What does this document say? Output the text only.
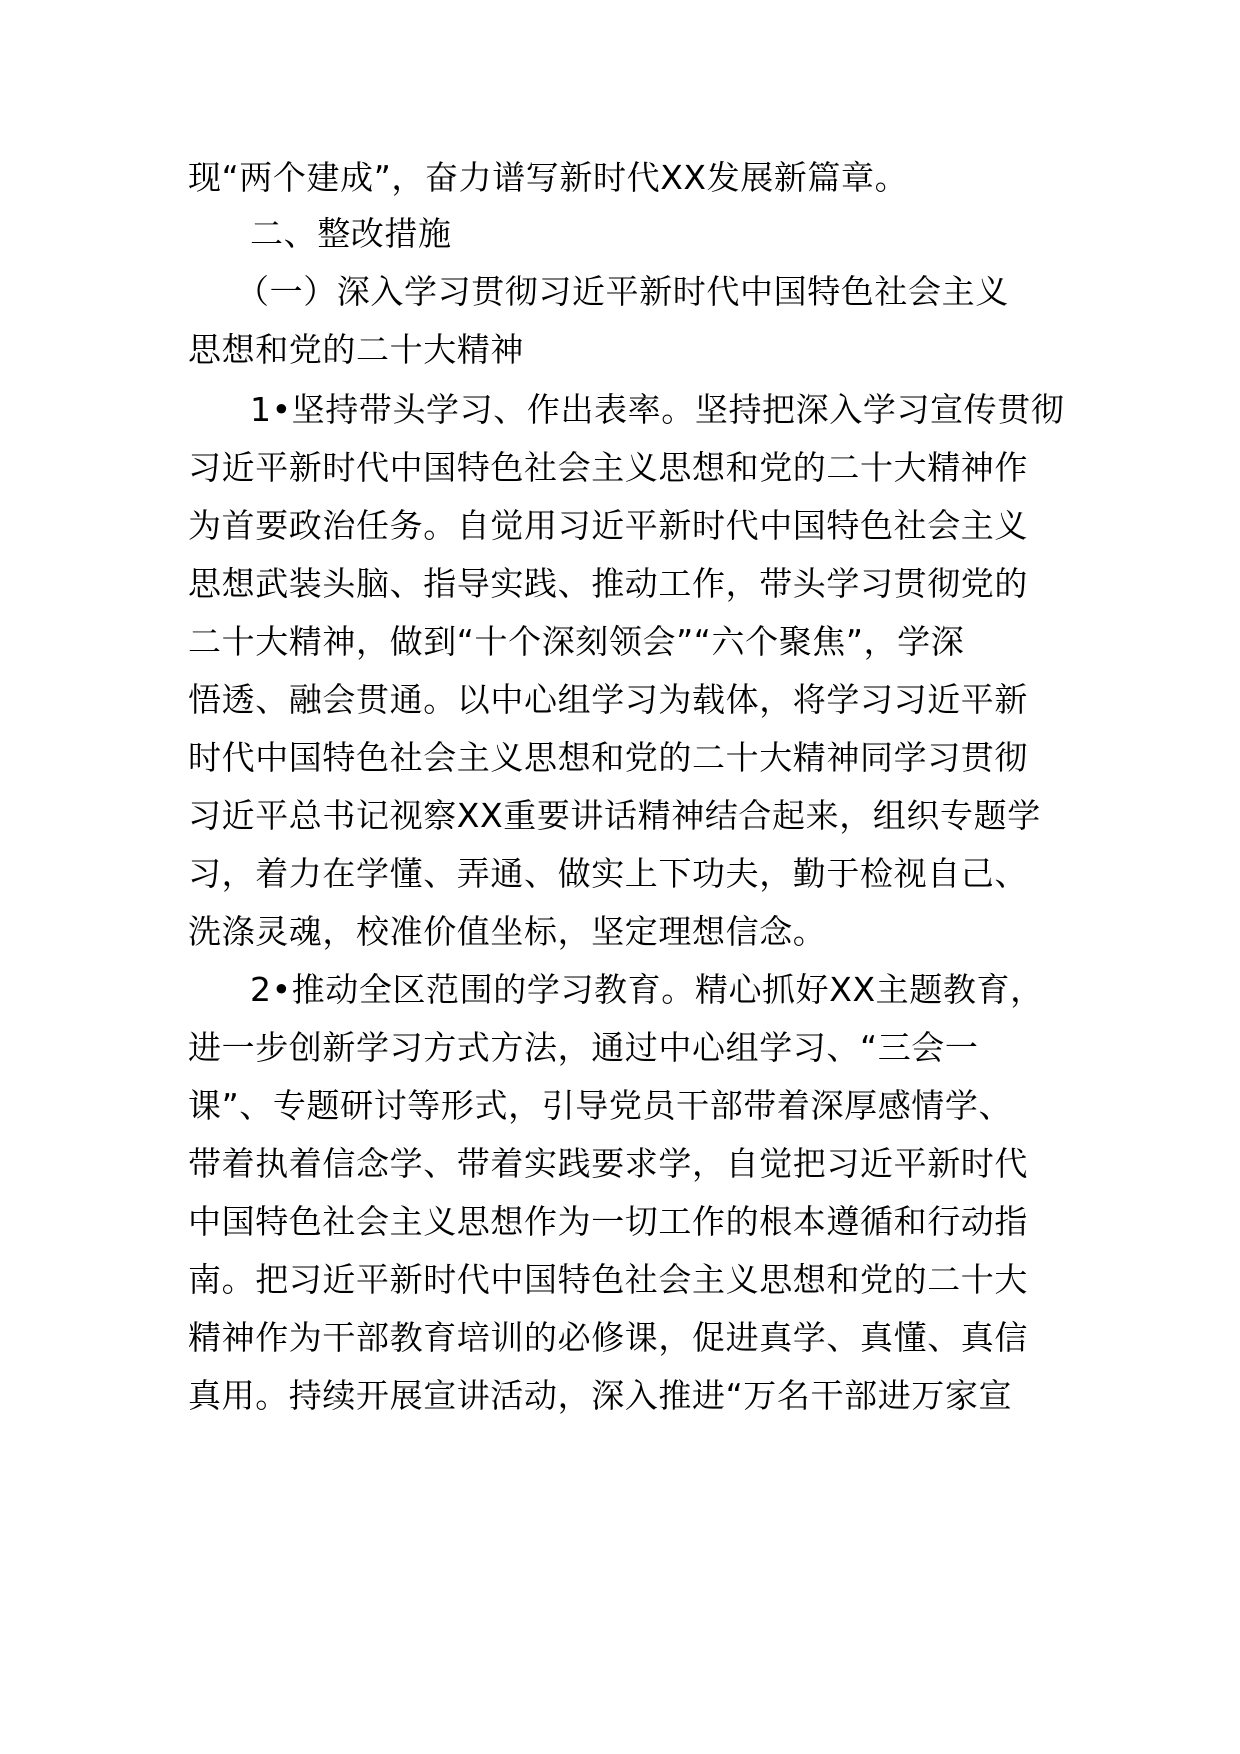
现“两个建成”，奋力谱写新时代XX发展新篇章。
二、整改措施
（一）深入学习贯彻习近平新时代中国特色社会主义
思想和党的二十大精神
1•坚持带头学习、作出表率。坚持把深入学习宣传贯彻
习近平新时代中国特色社会主义思想和党的二十大精神作
为首要政治任务。自觉用习近平新时代中国特色社会主义
思想武装头脑、指导实践、推动工作，带头学习贯彻党的
二十大精神，做到“十个深刻领会”“六个聚焦”，学深
悟透、融会贯通。以中心组学习为载体，将学习习近平新
时代中国特色社会主义思想和党的二十大精神同学习贯彻
习近平总书记视察XX重要讲话精神结合起来，组织专题学
习，着力在学懂、弄通、做实上下功夫，勤于检视自己、
洗涤灵魂，校准价值坐标，坚定理想信念。
2•推动全区范围的学习教育。精心抓好XX主题教育，
进一步创新学习方式方法，通过中心组学习、“三会一
课”、专题研讨等形式，引导党员干部带着深厚感情学、
带着执着信念学、带着实践要求学，自觉把习近平新时代
中国特色社会主义思想作为一切工作的根本遵循和行动指
南。把习近平新时代中国特色社会主义思想和党的二十大
精神作为干部教育培训的必修课，促进真学、真懂、真信
真用。持续开展宣讲活动，深入推进“万名干部进万家宣
